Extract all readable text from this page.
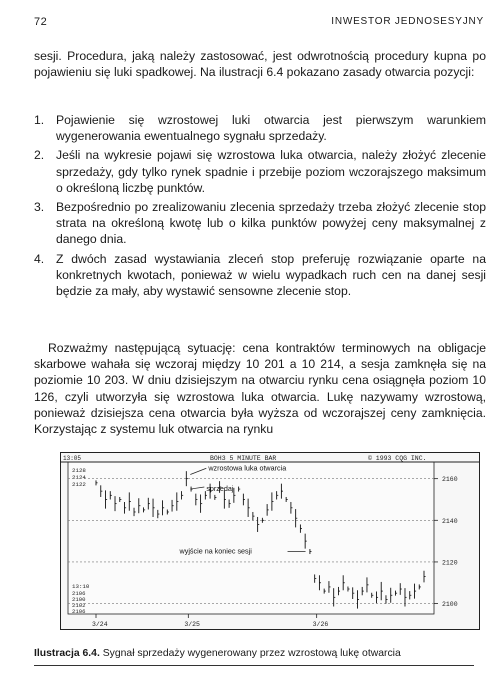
72	INWESTOR JEDNOSESYJNY

sesji. Procedura, jaką należy zastosować, jest odwrotnością procedury kupna po pojawieniu się luki spadkowej. Na ilustracji 6.4 pokazano zasady otwarcia pozycji:

1. Pojawienie się wzrostowej luki otwarcia jest pierwszym warunkiem wygenerowania ewentualnego sygnału sprzedaży.
2. Jeśli na wykresie pojawi się wzrostowa luka otwarcia, należy złożyć zlecenie sprzedaży, gdy tylko rynek spadnie i przebije poziom wczorajszego maksimum o określoną liczbę punktów.
3. Bezpośrednio po zrealizowaniu zlecenia sprzedaży trzeba złożyć zlecenie stop strata na określoną kwotę lub o kilka punktów powyżej ceny maksymalnej z danego dnia.
4. Z dwóch zasad wystawiania zleceń stop preferuję rozwiązanie oparte na konkretnych kwotach, ponieważ w wielu wypadkach ruch cen na danej sesji będzie za mały, aby wystawić sensowne zlecenie stop.

Rozważmy następującą sytuację: cena kontraktów terminowych na obligacje skarbowe wahała się wczoraj między 10 201 a 10 214, a sesja zamknęła się na poziomie 10 203. W dniu dzisiejszym na otwarciu rynku cena osiągnęła poziom 10 126, czyli utworzyła się wzrostowa luka otwarcia. Lukę nazywamy wzrostową, ponieważ dzisiejsza cena otwarcia była wyższa od wczorajszej ceny zamknięcia. Korzystając z systemu luk otwarcia na rynku

BOH3 5 MINUTE BAR	© 1993 CQG INC.
13:05
2128
2124
2122
13:10
2106
2100
2102
2106
2160
2140
2120
2100
3/24	3/25	3/26
wzrostowa luka otwarcia
sprzedaj
wyjście na koniec sesji
Ilustracja 6.4. Sygnał sprzedaży wygenerowany przez wzrostową lukę otwarcia
